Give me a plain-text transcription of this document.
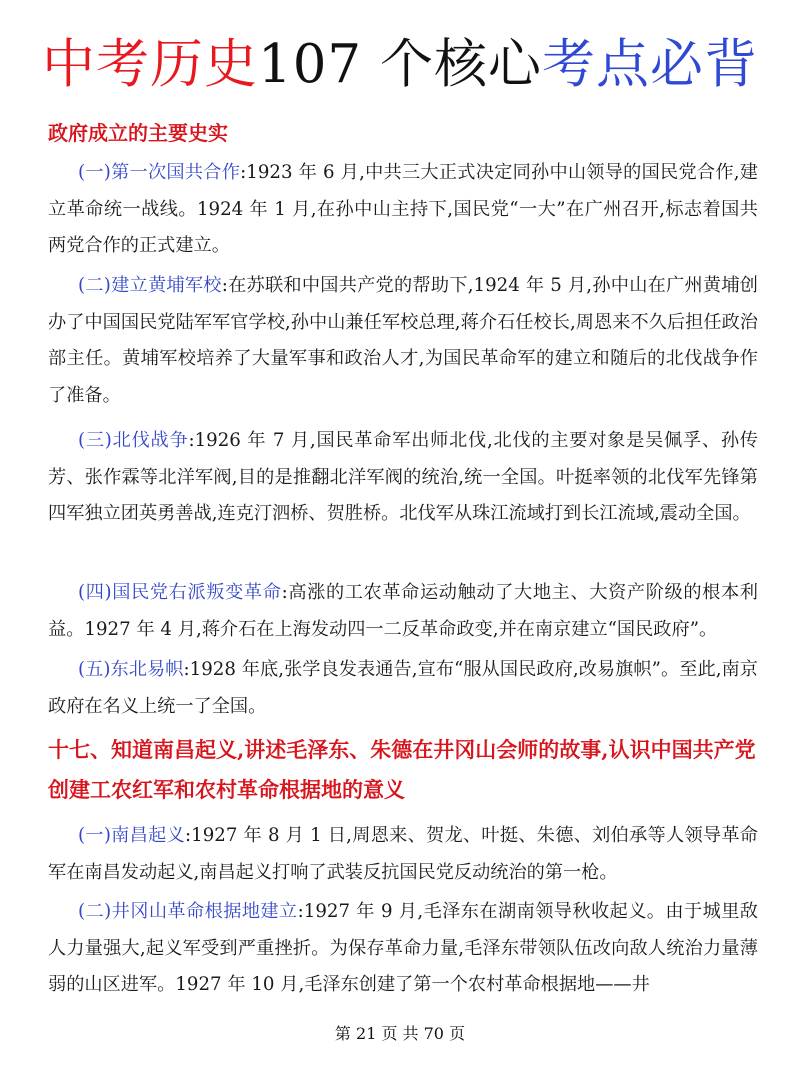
中考历史107 个核心考点必背
政府成立的主要史实
(一)第一次国共合作:1923 年 6 月,中共三大正式决定同孙中山领导的国民党合作,建立革命统一战线。1924 年 1 月,在孙中山主持下,国民党“一大”在广州召开,标志着国共两党合作的正式建立。
(二)建立黄埔军校:在苏联和中国共产党的帮助下,1924 年 5 月,孙中山在广州黄埔创办了中国国民党陆军军官学校,孙中山兼任军校总理,蒋介石任校长,周恩来不久后担任政治部主任。黄埔军校培养了大量军事和政治人才,为国民革命军的建立和随后的北伐战争作了准备。
(三)北伐战争:1926 年 7 月,国民革命军出师北伐,北伐的主要对象是吴佩孚、孙传芳、张作霖等北洋军阀,目的是推翻北洋军阀的统治,统一全国。叶挺率领的北伐军先锋第四军独立团英勇善战,连克汀泗桥、贺胜桥。北伐军从珠江流域打到长江流域,震动全国。
(四)国民党右派叛变革命:高涨的工农革命运动触动了大地主、大资产阶级的根本利益。1927 年 4 月,蒋介石在上海发动四一二反革命政变,并在南京建立“国民政府”。
(五)东北易帜:1928 年底,张学良发表通告,宣布“服从国民政府,改易旗帜”。至此,南京政府在名义上统一了全国。
十七、知道南昌起义,讲述毛泽东、朱德在井冈山会师的故事,认识中国共产党创建工农红军和农村革命根据地的意义
(一)南昌起义:1927 年 8 月 1 日,周恩来、贺龙、叶挺、朱德、刘伯承等人领导革命军在南昌发动起义,南昌起义打响了武装反抗国民党反动统治的第一枪。
(二)井冈山革命根据地建立:1927 年 9 月,毛泽东在湖南领导秋收起义。由于城里敌人力量强大,起义军受到严重挫折。为保存革命力量,毛泽东带领队伍改向敌人统治力量薄弱的山区进军。1927 年 10 月,毛泽东创建了第一个农村革命根据地——井
第 21 页 共 70 页
